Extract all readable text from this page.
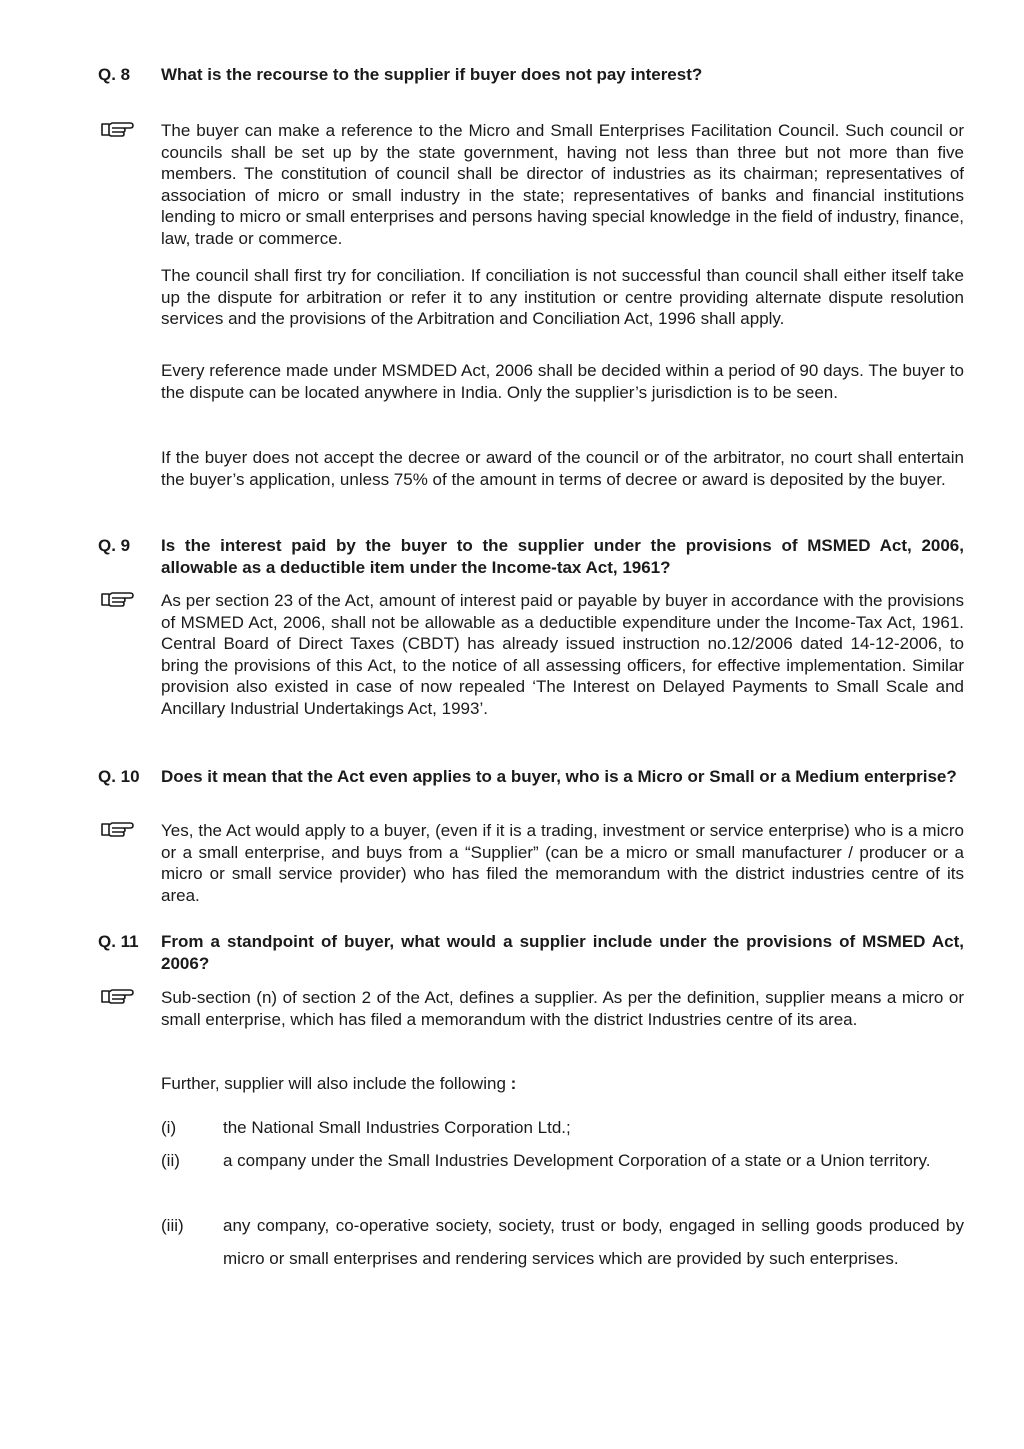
Q. 8	What is the recourse to the supplier if buyer does not pay interest?
The buyer can make a reference to the Micro and Small Enterprises Facilitation Council. Such council or councils shall be set up by the state government, having not less than three but not more than five members. The constitution of council shall be director of industries as its chairman; representatives of association of micro or small industry in the state; representatives of banks and financial institutions lending to micro or small enterprises and persons having special knowledge in the field of industry, finance, law, trade or commerce.
The council shall first try for conciliation. If conciliation is not successful than council shall either itself take up the dispute for arbitration or refer it to any institution or centre providing alternate dispute resolution services and the provisions of the Arbitration and Conciliation Act, 1996 shall apply.
Every reference made under MSMDED Act, 2006 shall be decided within a period of 90 days. The buyer to the dispute can be located anywhere in India. Only the supplier’s jurisdiction is to be seen.
If the buyer does not accept the decree or award of the council or of the arbitrator, no court shall entertain the buyer’s application, unless 75% of the amount in terms of decree or award is deposited by the buyer.
Q. 9	Is the interest paid by the buyer to the supplier under the provisions of MSMED Act, 2006, allowable as a deductible item under the Income-tax Act, 1961?
As per section 23 of the Act, amount of interest paid or payable by buyer in accordance with the provisions of MSMED Act, 2006, shall not be allowable as a deductible expenditure under the Income-Tax Act, 1961. Central Board of Direct Taxes (CBDT) has already issued instruction no.12/2006 dated 14-12-2006, to bring the provisions of this Act, to the notice of all assessing officers, for effective implementation. Similar provision also existed in case of now repealed ‘The Interest on Delayed Payments to Small Scale and Ancillary Industrial Undertakings Act, 1993’.
Q. 10	Does it mean that the Act even applies to a buyer, who is a Micro or Small or a Medium enterprise?
Yes, the Act would apply to a buyer, (even if it is a trading, investment or service enterprise) who is a micro or a small enterprise, and buys from a “Supplier” (can be a micro or small manufacturer / producer or a micro or small service provider) who has filed the memorandum with the district industries centre of its area.
Q. 11	From a standpoint of buyer, what would a supplier include under the provisions of MSMED Act, 2006?
Sub-section (n) of section 2 of the Act, defines a supplier. As per the definition, supplier means a micro or small enterprise, which has filed a memorandum with the district Industries centre of its area.
Further, supplier will also include the following :
(i)	the National Small Industries Corporation Ltd.;
(ii)	a company under the Small Industries Development Corporation of a state or a Union territory.
(iii) any company, co-operative society, society, trust or body, engaged in selling goods produced by micro or small enterprises and rendering services which are provided by such enterprises.
